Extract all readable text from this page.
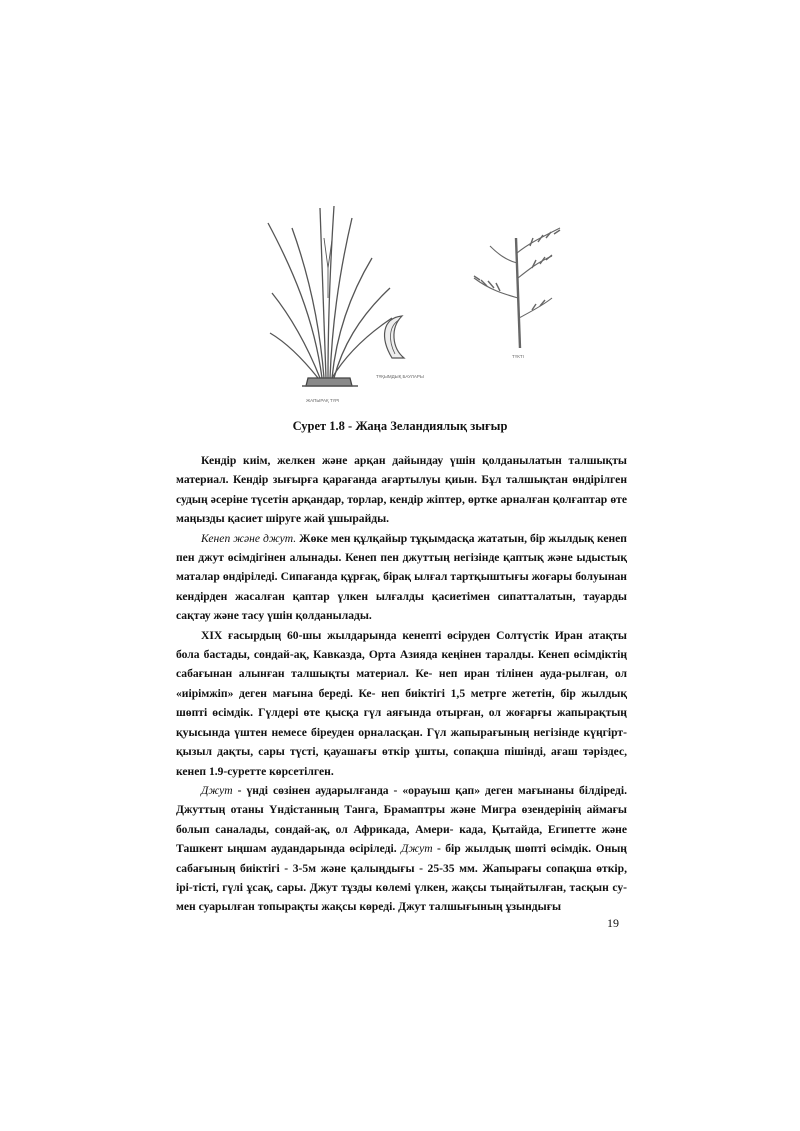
ЖАПЫРАҚ ТҮРІ
ТҰҚЫМДЫҚ БАУЛАРЫ
ТҮКТІ
Сурет 1.8 - Жаңа Зеландиялық зығыр

Кендір киім, желкен және арқан дайындау үшін қолданылатын талшықты материал. Кендір зығырға қарағанда ағартылуы қиын. Бұл талшықтан өндірілген судың әсеріне түсетін арқандар, торлар, кендір жіптер, өртке арналған қолғаптар өте маңызды қасиет шіруге жай ұшырайды.

Кенеп және джут. Жөке мен құлқайыр тұқымдасқа жататын, бір жылдық кенеп пен джут өсімдігінен алынады. Кенеп пен джуттың негізінде қаптық және ыдыстық маталар өндіріледі. Сипағанда құрғақ, бірақ ылғал тартқыштығы жоғары болуынан кендірден жасалған қаптар үлкен ылғалды қасиетімен сипатталатын, тауарды сақтау және тасу үшін қолданылады.

ХІХ ғасырдың 60-шы жылдарында кенепті өсіруден Солтүстік Иран атақты бола бастады, сондай-ақ, Кавказда, Орта Азияда кеңінен таралды. Кенеп өсімдіктің сабағынан алынған талшықты материал. Ке- неп иран тілінен ауда-рылған, ол «иірімжіп» деген мағына береді. Ке- неп биіктігі 1,5 метрге жететін, бір жылдық шөпті өсімдік. Гүлдері өте қысқа гүл аяғында отырған, ол жоғарғы жапырақтың қуысында үштен немесе біреуден орналасқан. Гүл жапырағының негізінде күңгірт- қызыл дақты, сары түсті, қауашағы өткір ұшты, сопақша пішінді, ағаш тәріздес, кенеп 1.9-суретте көрсетілген.

Джут - үнді сөзінен аударылғанда - «орауыш қап» деген мағынаны білдіреді. Джуттың отаны Үндістанның Танга, Брамаптры және Мигра өзендерінің аймағы болып саналады, сондай-ақ, ол Африкада, Амери- када, Қытайда, Египетте және Ташкент ыңшам аудандарында өсіріледі. Джут - бір жылдық шөпті өсімдік. Оның сабағының биіктігі - 3-5м және қалыңдығы - 25-35 мм. Жапырағы сопақша өткір, ірі-тісті, гүлі ұсақ, сары. Джут тұзды көлемі үлкен, жақсы тыңайтылған, тасқын су- мен суарылған топырақты жақсы көреді. Джут талшығының ұзындығы

19
